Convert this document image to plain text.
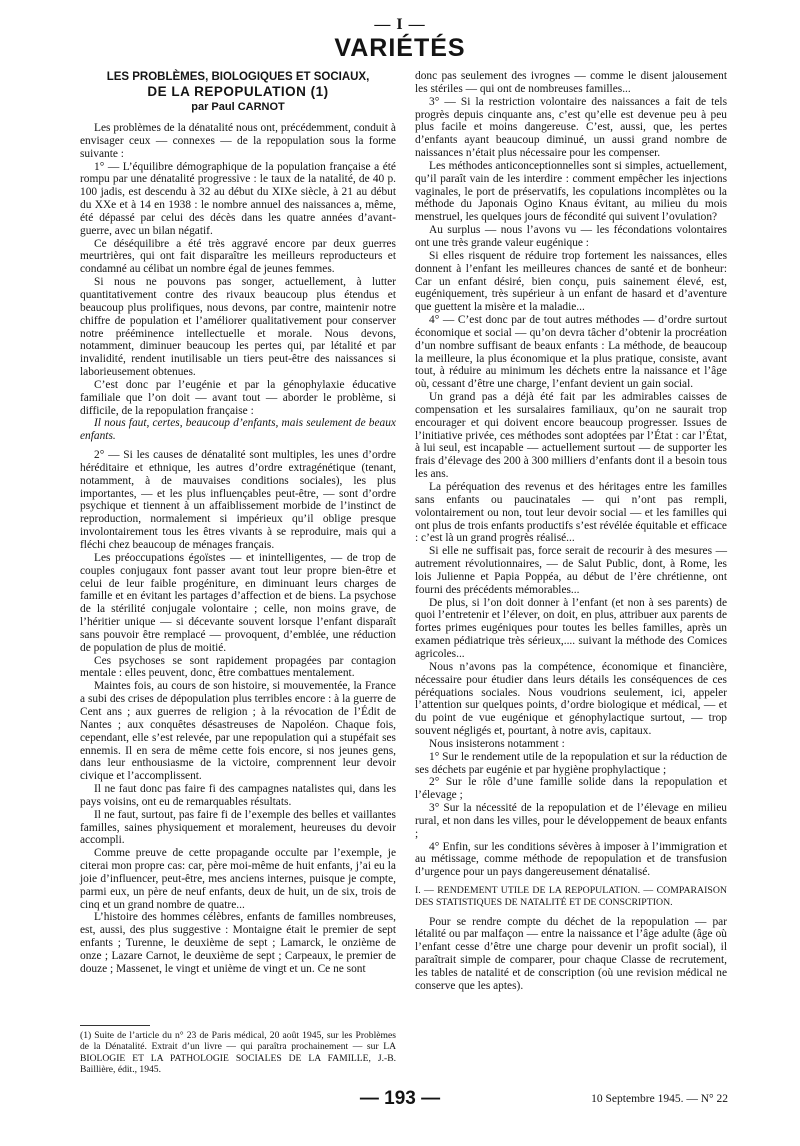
— I —
VARIÉTÉS

LES PROBLÈMES, BIOLOGIQUES ET SOCIAUX,

DE LA REPOPULATION (1)

par Paul CARNOT

Les problèmes de la dénatalité nous ont, précédemment, conduit à envisager ceux — connexes — de la repopulation sous la forme suivante :

1° — L’équilibre démographique de la population française a été rompu par une dénatalité progressive : le taux de la natalité, de 40 p. 100 jadis, est descendu à 32 au début du XIXe siècle, à 21 au début du XXe et à 14 en 1938 : le nombre annuel des naissances a, même, été dépassé par celui des décès dans les quatre années d’avant-guerre, avec un bilan négatif.

Ce déséquilibre a été très aggravé encore par deux guerres meurtrières, qui ont fait disparaître les meilleurs reproducteurs et condamné au célibat un nombre égal de jeunes femmes.

Si nous ne pouvons pas songer, actuellement, à lutter quantitativement contre des rivaux beaucoup plus étendus et beaucoup plus prolifiques, nous devons, par contre, maintenir notre chiffre de population et l’améliorer qualitativement pour conserver notre prééminence intellectuelle et morale. Nous devons, notamment, diminuer beaucoup les pertes qui, par létalité et par invalidité, rendent inutilisable un tiers peut-être des naissances si laborieusement obtenues.

C’est donc par l’eugénie et par la génophylaxie éducative familiale que l’on doit — avant tout — aborder le problème, si difficile, de la repopulation française :

Il nous faut, certes, beaucoup d’enfants, mais seulement de beaux enfants.

2° — Si les causes de dénatalité sont multiples, les unes d’ordre héréditaire et ethnique, les autres d’ordre extragénétique (tenant, notamment, à de mauvaises conditions sociales), les plus importantes, — et les plus influençables peut-être, — sont d’ordre psychique et tiennent à un affaiblissement morbide de l’instinct de reproduction, normalement si impérieux qu’il oblige presque involontairement tous les êtres vivants à se reproduire, mais qui a fléchi chez beaucoup de ménages français.

Les préoccupations égoïstes — et inintelligentes, — de trop de couples conjugaux font passer avant tout leur propre bien-être et celui de leur faible progéniture, en diminuant leurs charges de famille et en évitant les partages d’affection et de biens. La psychose de la stérilité conjugale volontaire ; celle, non moins grave, de l’héritier unique — si décevante souvent lorsque l’enfant disparaît sans pouvoir être remplacé — provoquent, d’emblée, une réduction de population de plus de moitié.

Ces psychoses se sont rapidement propagées par contagion mentale : elles peuvent, donc, être combattues mentalement.

Maintes fois, au cours de son histoire, si mouvementée, la France a subi des crises de dépopulation plus terribles encore : à la guerre de Cent ans ; aux guerres de religion ; à la révocation de l’Édit de Nantes ; aux conquêtes désastreuses de Napoléon. Chaque fois, cependant, elle s’est relevée, par une repopulation qui a stupéfait ses ennemis. Il en sera de même cette fois encore, si nos jeunes gens, dans leur enthousiasme de la victoire, comprennent leur devoir civique et l’accomplissent.

Il ne faut donc pas faire fi des campagnes natalistes qui, dans les pays voisins, ont eu de remarquables résultats.

Il ne faut, surtout, pas faire fi de l’exemple des belles et vaillantes familles, saines physiquement et moralement, heureuses du devoir accompli.

Comme preuve de cette propagande occulte par l’exemple, je citerai mon propre cas: car, père moi-même de huit enfants, j’ai eu la joie d’influencer, peut-être, mes anciens internes, puisque je compte, parmi eux, un père de neuf enfants, deux de huit, un de six, trois de cinq et un grand nombre de quatre...

L’histoire des hommes célèbres, enfants de familles nombreuses, est, aussi, des plus suggestive : Montaigne était le premier de sept enfants ; Turenne, le deuxième de sept ; Lamarck, le onzième de onze ; Lazare Carnot, le deuxième de sept ; Carpeaux, le premier de douze ; Massenet, le vingt et unième de vingt et un. Ce ne sont

(1) Suite de l’article du n° 23 de Paris médical, 20 août 1945, sur les Problèmes de la Dénatalité. Extrait d’un livre — qui paraîtra prochainement — sur LA BIOLOGIE ET LA PATHOLOGIE SOCIALES DE LA FAMILLE, J.-B. Baillière, édit., 1945.

donc pas seulement des ivrognes — comme le disent jalousement les stériles — qui ont de nombreuses familles...

3° — Si la restriction volontaire des naissances a fait de tels progrès depuis cinquante ans, c’est qu’elle est devenue peu à peu plus facile et moins dangereuse. C’est, aussi, que, les pertes d’enfants ayant beaucoup diminué, un aussi grand nombre de naissances n’était plus nécessaire pour les compenser.

Les méthodes anticonceptionnelles sont si simples, actuellement, qu’il paraît vain de les interdire : comment empêcher les injections vaginales, le port de préservatifs, les copulations incomplètes ou la méthode du Japonais Ogino Knaus évitant, au milieu du mois menstruel, les quelques jours de fécondité qui suivent l’ovulation?

Au surplus — nous l’avons vu — les fécondations volontaires ont une très grande valeur eugénique :

Si elles risquent de réduire trop fortement les naissances, elles donnent à l’enfant les meilleures chances de santé et de bonheur: Car un enfant désiré, bien conçu, puis sainement élevé, est, eugéniquement, très supérieur à un enfant de hasard et d’aventure que guettent la misère et la maladie...

4° — C’est donc par de tout autres méthodes — d’ordre surtout économique et social — qu’on devra tâcher d’obtenir la procréation d’un nombre suffisant de beaux enfants : La méthode, de beaucoup la meilleure, la plus économique et la plus pratique, consiste, avant tout, à réduire au minimum les déchets entre la naissance et l’âge où, cessant d’être une charge, l’enfant devient un gain social.

Un grand pas a déjà été fait par les admirables caisses de compensation et les sursalaires familiaux, qu’on ne saurait trop encourager et qui doivent encore beaucoup progresser. Issues de l’initiative privée, ces méthodes sont adoptées par l’État : car l’État, à lui seul, est incapable — actuellement surtout — de supporter les frais d’élevage des 200 à 300 milliers d’enfants dont il a besoin tous les ans.

La péréquation des revenus et des héritages entre les familles sans enfants ou paucinatales — qui n’ont pas rempli, volontairement ou non, tout leur devoir social — et les familles qui ont plus de trois enfants productifs s’est révélée équitable et efficace : c’est là un grand progrès réalisé...

Si elle ne suffisait pas, force serait de recourir à des mesures — autrement révolutionnaires, — de Salut Public, dont, à Rome, les lois Julienne et Papia Poppéa, au début de l’ère chrétienne, ont fourni des précédents mémorables...

De plus, si l’on doit donner à l’enfant (et non à ses parents) de quoi l’entretenir et l’élever, on doit, en plus, attribuer aux parents de fortes primes eugéniques pour toutes les belles familles, après un examen pédiatrique très sérieux,.... suivant la méthode des Comices agricoles...

Nous n’avons pas la compétence, économique et financière, nécessaire pour étudier dans leurs détails les conséquences de ces péréquations sociales. Nous voudrions seulement, ici, appeler l’attention sur quelques points, d’ordre biologique et médical, — et du point de vue eugénique et génophylactique surtout, — trop souvent négligés et, pourtant, à notre avis, capitaux.

Nous insisterons notamment :

1° Sur le rendement utile de la repopulation et sur la réduction de ses déchets par eugénie et par hygiène prophylactique ;

2° Sur le rôle d’une famille solide dans la repopulation et l’élevage ;

3° Sur la nécessité de la repopulation et de l’élevage en milieu rural, et non dans les villes, pour le développement de beaux enfants ;

4° Enfin, sur les conditions sévères à imposer à l’immigration et au métissage, comme méthode de repopulation et de transfusion d’urgence pour un pays dangereusement dénatalisé.

I. — RENDEMENT UTILE DE LA REPOPULATION. — COMPARAISON DES STATISTIQUES DE NATALITÉ ET DE CONSCRIPTION.

Pour se rendre compte du déchet de la repopulation — par létalité ou par malfaçon — entre la naissance et l’âge adulte (âge où l’enfant cesse d’être une charge pour devenir un profit social), il paraîtrait simple de comparer, pour chaque Classe de recrutement, les tables de natalité et de conscription (où une revision médical ne conserve que les aptes).

— 193 —	10 Septembre 1945. — N° 22
